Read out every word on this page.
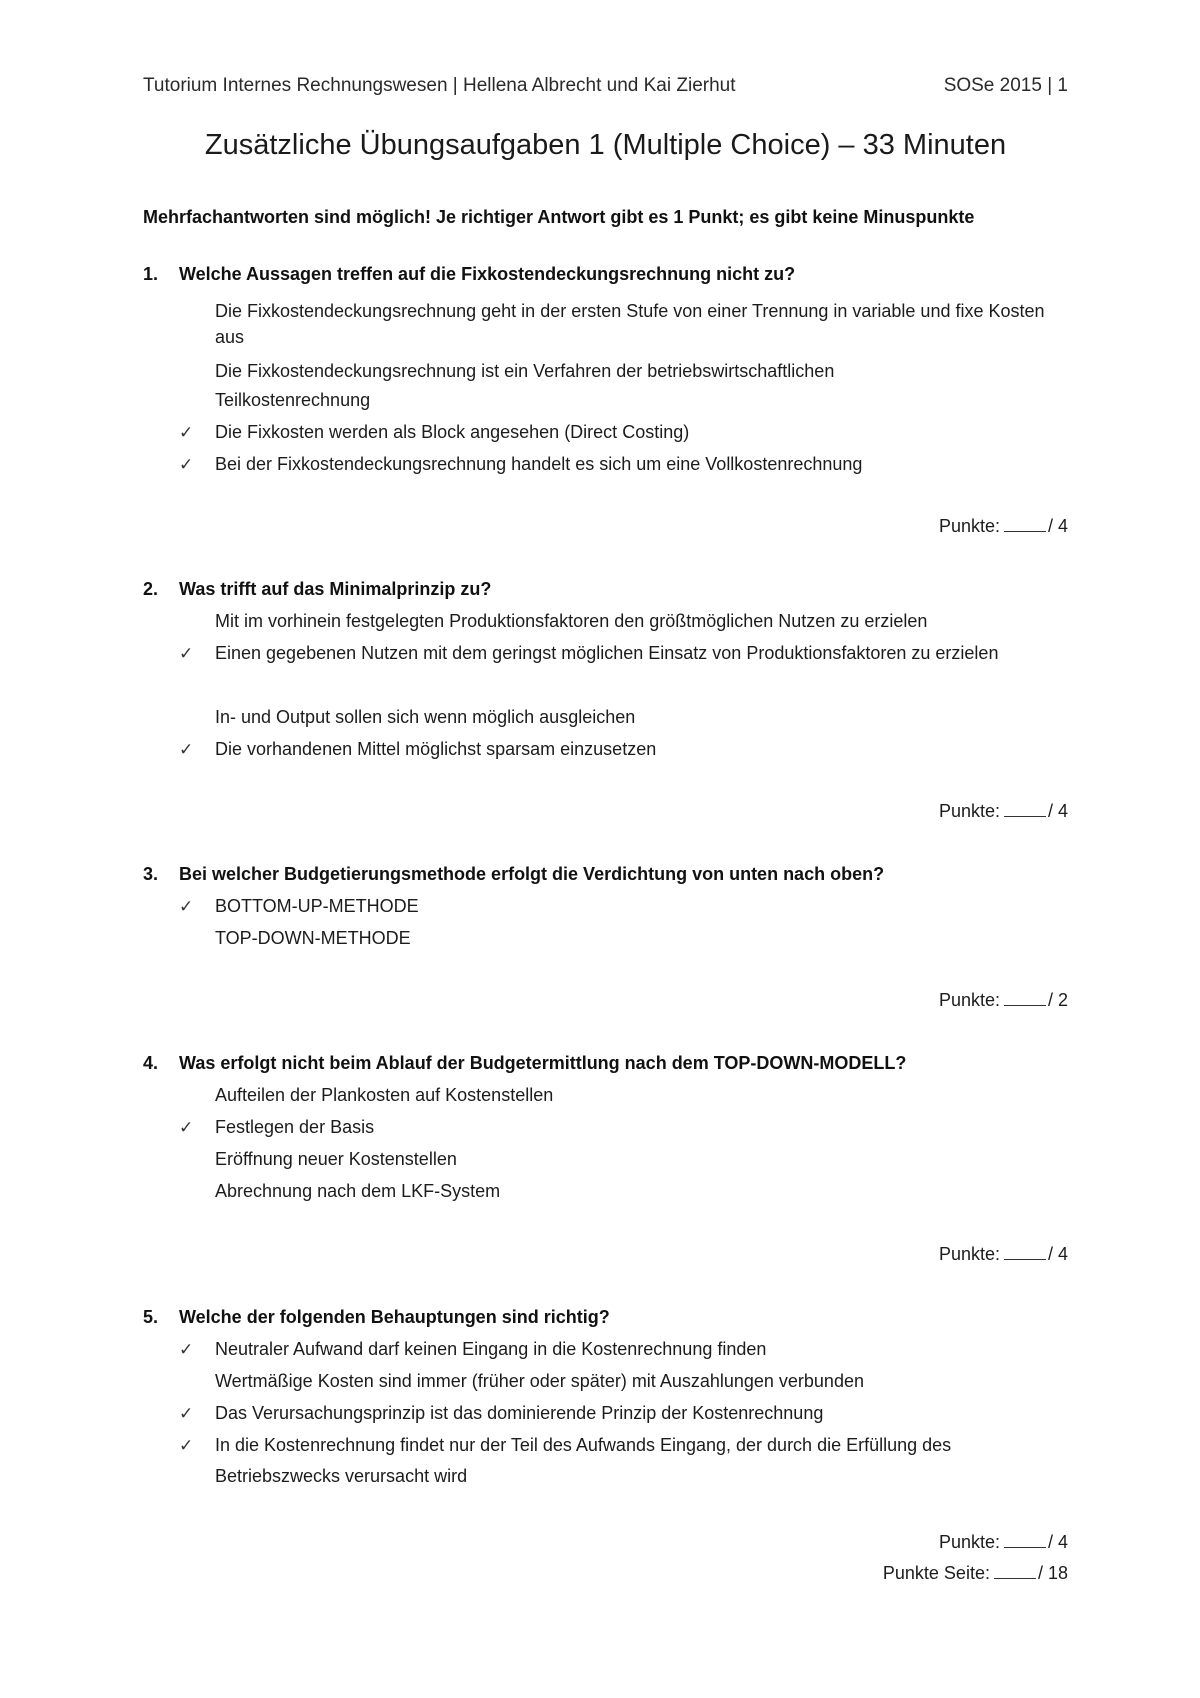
Tutorium Internes Rechnungswesen | Hellena Albrecht und Kai Zierhut	SOSe 2015 | 1
Zusätzliche Übungsaufgaben 1 (Multiple Choice) – 33 Minuten
Mehrfachantworten sind möglich! Je richtiger Antwort gibt es 1 Punkt; es gibt keine Minuspunkte
1. Welche Aussagen treffen auf die Fixkostendeckungsrechnung nicht zu?
Die Fixkostendeckungsrechnung geht in der ersten Stufe von einer Trennung in variable und fixe Kosten aus
Die Fixkostendeckungsrechnung ist ein Verfahren der betriebswirtschaftlichen Teilkostenrechnung
✓	Die Fixkosten werden als Block angesehen (Direct Costing)
✓	Bei der Fixkostendeckungsrechnung handelt es sich um eine Vollkostenrechnung
Punkte:	/ 4
2. Was trifft auf das Minimalprinzip zu?
Mit im vorhinein festgelegten Produktionsfaktoren den größtmöglichen Nutzen zu erzielen
✓	Einen gegebenen Nutzen mit dem geringst möglichen Einsatz von Produktionsfaktoren zu erzielen
In- und Output sollen sich wenn möglich ausgleichen
✓	Die vorhandenen Mittel möglichst sparsam einzusetzen
Punkte:	/ 4
3. Bei welcher Budgetierungsmethode erfolgt die Verdichtung von unten nach oben?
✓	BOTTOM-UP-METHODE
TOP-DOWN-METHODE
Punkte:	/ 2
4. Was erfolgt nicht beim Ablauf der Budgetermittlung nach dem TOP-DOWN-MODELL?
Aufteilen der Plankosten auf Kostenstellen
✓	Festlegen der Basis
Eröffnung neuer Kostenstellen
Abrechnung nach dem LKF-System
Punkte:	/ 4
5. Welche der folgenden Behauptungen sind richtig?
✓	Neutraler Aufwand darf keinen Eingang in die Kostenrechnung finden
Wertmäßige Kosten sind immer (früher oder später) mit Auszahlungen verbunden
✓	Das Verursachungsprinzip ist das dominierende Prinzip der Kostenrechnung
✓	In die Kostenrechnung findet nur der Teil des Aufwands Eingang, der durch die Erfüllung des Betriebszwecks verursacht wird
Punkte:	/ 4
Punkte Seite:	/ 18
